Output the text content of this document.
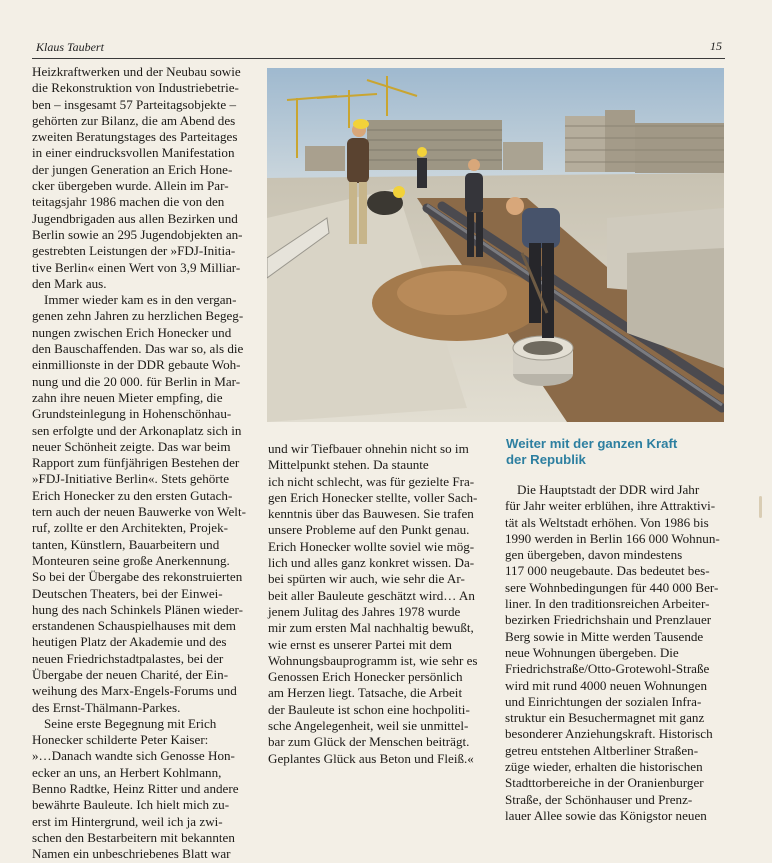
Klaus Taubert	15

Heizkraftwerken und der Neubau sowie
die Rekonstruktion von Industriebetrie-
ben – insgesamt 57 Parteitagsobjekte –
gehörten zur Bilanz, die am Abend des
zweiten Beratungstages des Parteitages
in einer eindrucksvollen Manifestation
der jungen Generation an Erich Hone-
cker übergeben wurde. Allein im Par-
teitagsjahr 1986 machen die von den
Jugendbrigaden aus allen Bezirken und
Berlin sowie an 295 Jugendobjekten an-
gestrebten Leistungen der »FDJ-Initia-
tive Berlin« einen Wert von 3,9 Milliar-
den Mark aus.

Immer wieder kam es in den vergan-
genen zehn Jahren zu herzlichen Begeg-
nungen zwischen Erich Honecker und
den Bauschaffenden. Das war so, als die
einmillionste in der DDR gebaute Woh-
nung und die 20 000. für Berlin in Mar-
zahn ihre neuen Mieter empfing, die
Grundsteinlegung in Hohenschönhau-
sen erfolgte und der Arkonaplatz sich in
neuer Schönheit zeigte. Das war beim
Rapport zum fünfjährigen Bestehen der
»FDJ-Initiative Berlin«. Stets gehörte
Erich Honecker zu den ersten Gutach-
tern auch der neuen Bauwerke von Welt-
ruf, zollte er den Architekten, Projek-
tanten, Künstlern, Bauarbeitern und
Monteuren seine große Anerkennung.
So bei der Übergabe des rekonstruierten
Deutschen Theaters, bei der Einwei-
hung des nach Schinkels Plänen wieder-
erstandenen Schauspielhauses mit dem
heutigen Platz der Akademie und des
neuen Friedrichstadtpalastes, bei der
Übergabe der neuen Charité, der Ein-
weihung des Marx-Engels-Forums und
des Ernst-Thälmann-Parkes.

Seine erste Begegnung mit Erich
Honecker schilderte Peter Kaiser:
»…Danach wandte sich Genosse Hon-
ecker an uns, an Herbert Kohlmann,
Benno Radtke, Heinz Ritter und andere
bewährte Bauleute. Ich hielt mich zu-
erst im Hintergrund, weil ich ja zwi-
schen den Bestarbeitern mit bekannten
Namen ein unbeschriebenes Blatt war

und wir Tiefbauer ohnehin nicht so im
Mittelpunkt stehen. Da staunte
ich nicht schlecht, was für gezielte Fra-
gen Erich Honecker stellte, voller Sach-
kenntnis über das Bauwesen. Sie trafen
unsere Probleme auf den Punkt genau.
Erich Honecker wollte soviel wie mög-
lich und alles ganz konkret wissen. Da-
bei spürten wir auch, wie sehr die Ar-
beit aller Bauleute geschätzt wird… An
jenem Julitag des Jahres 1978 wurde
mir zum ersten Mal nachhaltig bewußt,
wie ernst es unserer Partei mit dem
Wohnungsbauprogramm ist, wie sehr es
Genossen Erich Honecker persönlich
am Herzen liegt. Tatsache, die Arbeit
der Bauleute ist schon eine hochpoliti-
sche Angelegenheit, weil sie unmittel-
bar zum Glück der Menschen beiträgt.
Geplantes Glück aus Beton und Fleiß.«

Weiter mit der ganzen Kraft
der Republik

Die Hauptstadt der DDR wird Jahr
für Jahr weiter erblühen, ihre Attraktivi-
tät als Weltstadt erhöhen. Von 1986 bis
1990 werden in Berlin 166 000 Wohnun-
gen übergeben, davon mindestens
117 000 neugebaute. Das bedeutet bes-
sere Wohnbedingungen für 440 000 Ber-
liner. In den traditionsreichen Arbeiter-
bezirken Friedrichshain und Prenzlauer
Berg sowie in Mitte werden Tausende
neue Wohnungen übergeben. Die
Friedrichstraße/Otto-Grotewohl-Straße
wird mit rund 4000 neuen Wohnungen
und Einrichtungen der sozialen Infra-
struktur ein Besuchermagnet mit ganz
besonderer Anziehungskraft. Historisch
getreu entstehen Altberliner Straßen-
züge wieder, erhalten die historischen
Stadttorbereiche in der Oranienburger
Straße, der Schönhauser und Prenz-
lauer Allee sowie das Königstor neuen
